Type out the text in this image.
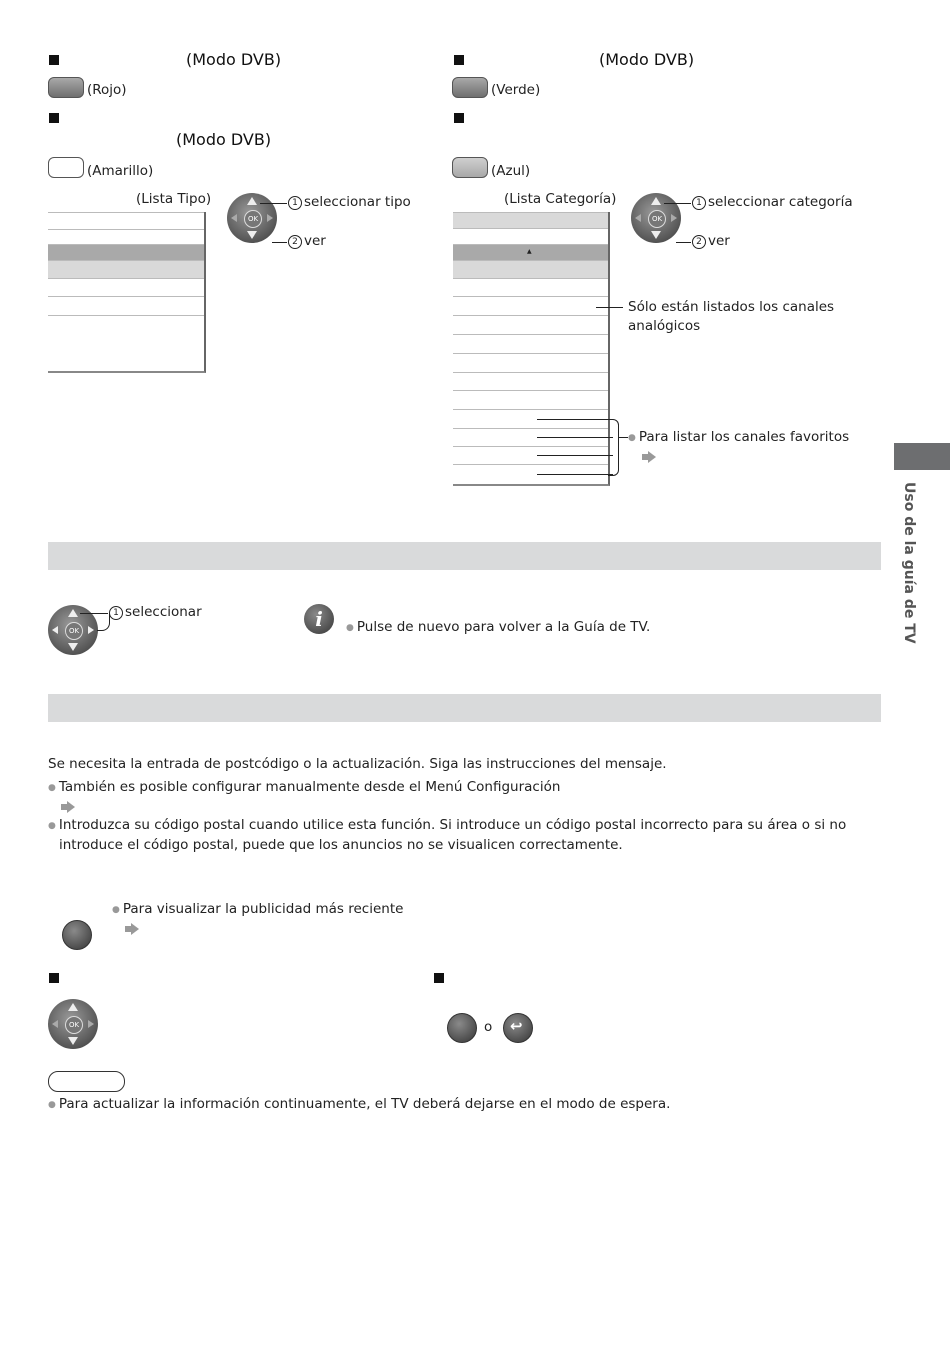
(Modo DVB)
(Rojo)
(Modo DVB)
(Amarillo)
(Lista Tipo)
OK
1 seleccionar tipo
2 ver
(Modo DVB)
(Verde)
(Azul)
(Lista Categoría)
▲
OK
1 seleccionar categoría
2 ver
Sólo están listados los canales
analógicos
● Para listar los canales favoritos
OK
1 seleccionar	i
●	Pulse de nuevo para volver a la Guía de TV.
Se necesita la entrada de postcódigo o la actualización. Siga las instrucciones del mensaje.
● También es posible configurar manualmente desde el Menú Configuración
● Introduzca su código postal cuando utilice esta función. Si introduce un código postal incorrecto para su área o si no
introduce el código postal, puede que los anuncios no se visualicen correctamente.
● Para visualizar la publicidad más reciente
OK	o ↩
● Para actualizar la información continuamente, el TV deberá dejarse en el modo de espera.
Uso de la guía de TV
